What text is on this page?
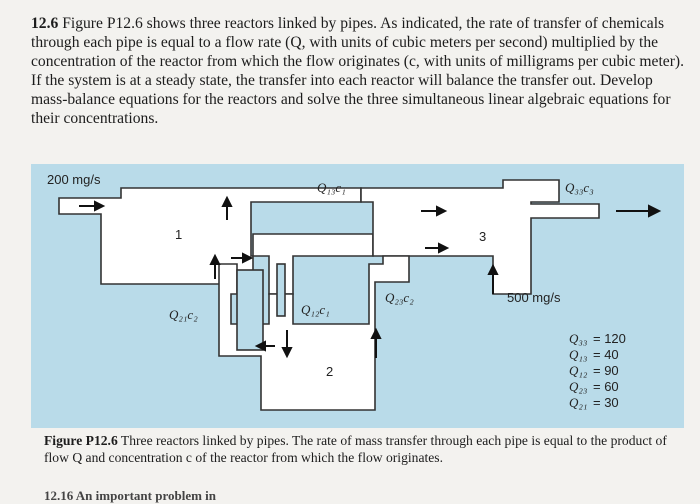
12.6 Figure P12.6 shows three reactors linked by pipes. As indicated, the rate of transfer of chemicals through each pipe is equal to a flow rate (Q, with units of cubic meters per second) multiplied by the concentration of the reactor from which the flow originates (c, with units of milligrams per cubic meter). If the system is at a steady state, the transfer into each reactor will balance the transfer out. Develop mass-balance equations for the reactors and solve the three simultaneous linear algebraic equations for their concentrations.
200 mg/s
500 mg/s
1
2
3
Q₁₃c₁	Q₃₃c₃
Q₂₁c₂	Q₁₂c₁
Q₂₃c₂
Q₃₃ = 120
Q₁₃ = 40
Q₁₂ = 90
Q₂₃ = 60
Q₂₁ = 30
Figure P12.6 Three reactors linked by pipes. The rate of mass transfer through each pipe is equal to the product of flow Q and concentration c of the reactor from which the flow originates.
12.16 An important problem in
